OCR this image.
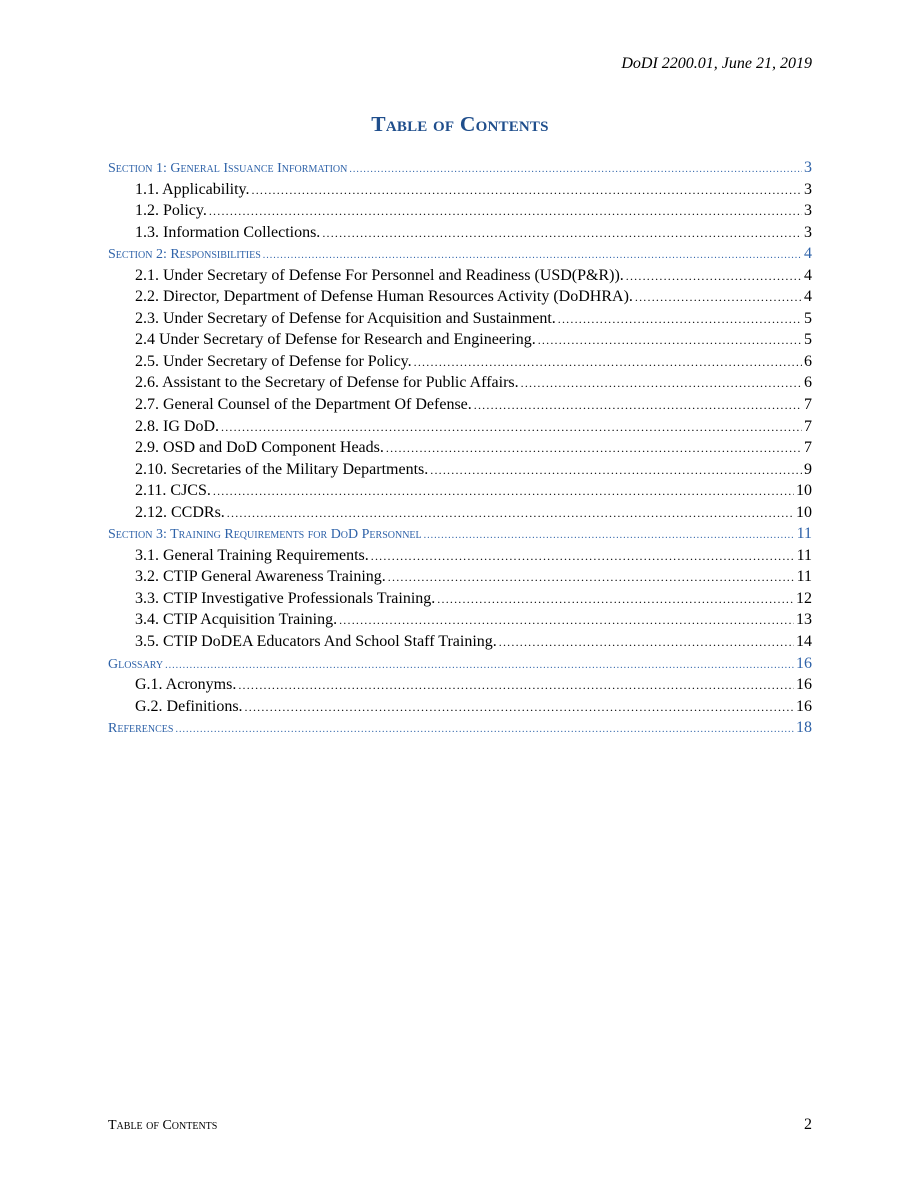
DoDI 2200.01, June 21, 2019
Table of Contents
Section 1: General Issuance Information .....	3
1.1. Applicability. .....	3
1.2. Policy. .....	3
1.3. Information Collections. .....	3
Section 2: Responsibilities .....	4
2.1. Under Secretary of Defense For Personnel and Readiness (USD(P&R)). .....	4
2.2. Director, Department of Defense Human Resources Activity (DoDHRA). .....	4
2.3. Under Secretary of Defense for Acquisition and Sustainment. .....	5
2.4 Under Secretary of Defense for Research and Engineering. .....	5
2.5. Under Secretary of Defense for Policy. .....	6
2.6. Assistant to the Secretary of Defense for Public Affairs. .....	6
2.7. General Counsel of the Department Of Defense. .....	7
2.8. IG DoD. .....	7
2.9. OSD and DoD Component Heads. .....	7
2.10. Secretaries of the Military Departments. .....	9
2.11. CJCS. .....	10
2.12. CCDRs. .....	10
Section 3: Training Requirements for DoD Personnel .....	11
3.1. General Training Requirements. .....	11
3.2. CTIP General Awareness Training. .....	11
3.3. CTIP Investigative Professionals Training. .....	12
3.4. CTIP Acquisition Training. .....	13
3.5. CTIP DoDEA Educators And School Staff Training. .....	14
Glossary .....	16
G.1. Acronyms. .....	16
G.2. Definitions. .....	16
References .....	18
Table of Contents	2
